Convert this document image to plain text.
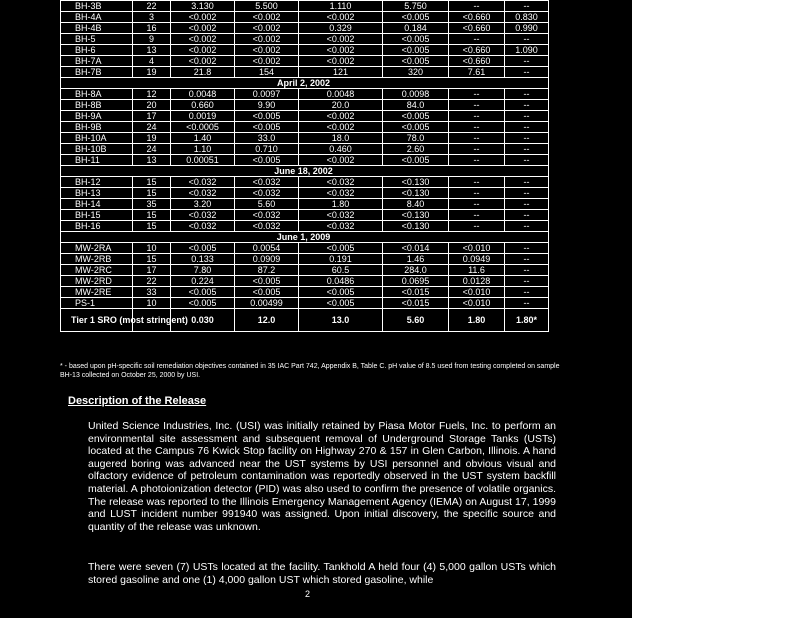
BH-3B	22	3.130	5.500	1.110	5.750	--	--
BH-4A	3	<0.002	<0.002	<0.002	<0.005	<0.660	0.830
BH-4B	16	<0.002	<0.002	0.329	0.184	<0.660	0.990
BH-5	9	<0.002	<0.002	<0.002	<0.005	--	--
BH-6	13	<0.002	<0.002	<0.002	<0.005	<0.660	1.090
BH-7A	4	<0.002	<0.002	<0.002	<0.005	<0.660	--
BH-7B	19	21.8	154	121	320	7.61	--
April 2, 2002							
BH-8A	12	0.0048	0.0097	0.0048	0.0098	--	--
BH-8B	20	0.660	9.90	20.0	84.0	--	--
BH-9A	17	0.0019	<0.005	<0.002	<0.005	--	--
BH-9B	24	<0.0005	<0.005	<0.002	<0.005	--	--
BH-10A	19	1.40	33.0	18.0	78.0	--	--
BH-10B	24	1.10	0.710	0.460	2.60	--	--
BH-11	13	0.00051	<0.005	<0.002	<0.005	--	--
June 18, 2002							
BH-12	15	<0.032	<0.032	<0.032	<0.130	--	--
BH-13	15	<0.032	<0.032	<0.032	<0.130	--	--
BH-14	35	3.20	5.60	1.80	8.40	--	--
BH-15	15	<0.032	<0.032	<0.032	<0.130	--	--
BH-16	15	<0.032	<0.032	<0.032	<0.130	--	--
June 1, 2009							
MW-2RA	10	<0.005	0.0054	<0.005	<0.014	<0.010	--
MW-2RB	15	0.133	0.0909	0.191	1.46	0.0949	--
MW-2RC	17	7.80	87.2	60.5	284.0	11.6	--
MW-2RD	22	0.224	<0.005	0.0486	0.0695	0.0128	--
MW-2RE	33	<0.005	<0.005	<0.005	<0.015	<0.010	--
PS-1	10	<0.005	0.00499	<0.005	<0.015	<0.010	--
Tier 1 SRO (most stringent)		0.030	12.0	13.0	5.60	1.80	1.80*
* - based upon pH-specific soil remediation objectives contained in 35 IAC Part 742, Appendix B, Table C. pH value of 8.5 used from testing completed on sample BH-13 collected on October 25, 2000 by USI.
Description of the Release

United Science Industries, Inc. (USI) was initially retained by Piasa Motor Fuels, Inc. to perform an environmental site assessment and subsequent removal of Underground Storage Tanks (USTs) located at the Campus 76 Kwick Stop facility on Highway 270 & 157 in Glen Carbon, Illinois. A hand augered boring was advanced near the UST systems by USI personnel and obvious visual and olfactory evidence of petroleum contamination was reportedly observed in the UST system backfill material. A photoionization detector (PID) was also used to confirm the presence of volatile organics. The release was reported to the Illinois Emergency Management Agency (IEMA) on August 17, 1999 and LUST incident number 991940 was assigned. Upon initial discovery, the specific source and quantity of the release was unknown.

There were seven (7) USTs located at the facility. Tankhold A held four (4) 5,000 gallon USTs which stored gasoline and one (1) 4,000 gallon UST which stored gasoline, while

2
